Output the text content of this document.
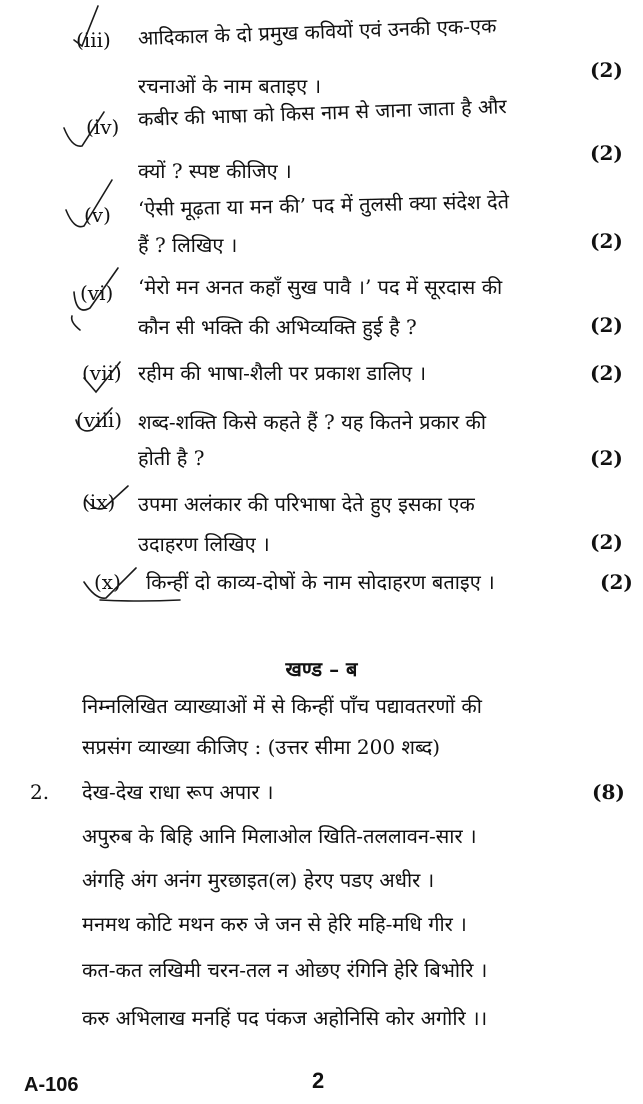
(iii) आदिकाल के दो प्रमुख कवियों एवं उनकी एक-एक
रचनाओं के नाम बताइए ।
(2)
(iv) कबीर की भाषा को किस नाम से जाना जाता है और
क्यों ? स्पष्ट कीजिए ।
(2)
(v) ‘ऐसी मूढ़ता या मन की’ पद में तुलसी क्या संदेश देते
हैं ? लिखिए ।	(2)
(vi) ‘मेरो मन अनत कहाँ सुख पावै ।’ पद में सूरदास की
कौन सी भक्ति की अभिव्यक्ति हुई है ?	(2)
(vii) रहीम की भाषा-शैली पर प्रकाश डालिए ।	(2)
(viii) शब्द-शक्ति किसे कहते हैं ? यह कितने प्रकार की
होती है ?	(2)
(ix) उपमा अलंकार की परिभाषा देते हुए इसका एक
उदाहरण लिखिए ।	(2)
(x) किन्हीं दो काव्य-दोषों के नाम सोदाहरण बताइए ।	(2)
खण्ड – ब
निम्नलिखित व्याख्याओं में से किन्हीं पाँच पद्यावतरणों की
सप्रसंग व्याख्या कीजिए : (उत्तर सीमा 200 शब्द)
2.	(8)
देख-देख राधा रूप अपार ।
अपुरुब के बिहि आनि मिलाओल खिति-तललावन-सार ।
अंगहि अंग अनंग मुरछाइत(ल) हेरए पडए अधीर ।
मनमथ कोटि मथन करु जे जन से हेरि महि-मधि गीर ।
कत-कत लखिमी चरन-तल न ओछए रंगिनि हेरि बिभोरि ।
करु अभिलाख मनहिं पद पंकज अहोनिसि कोर अगोरि ।।
A-106	2
